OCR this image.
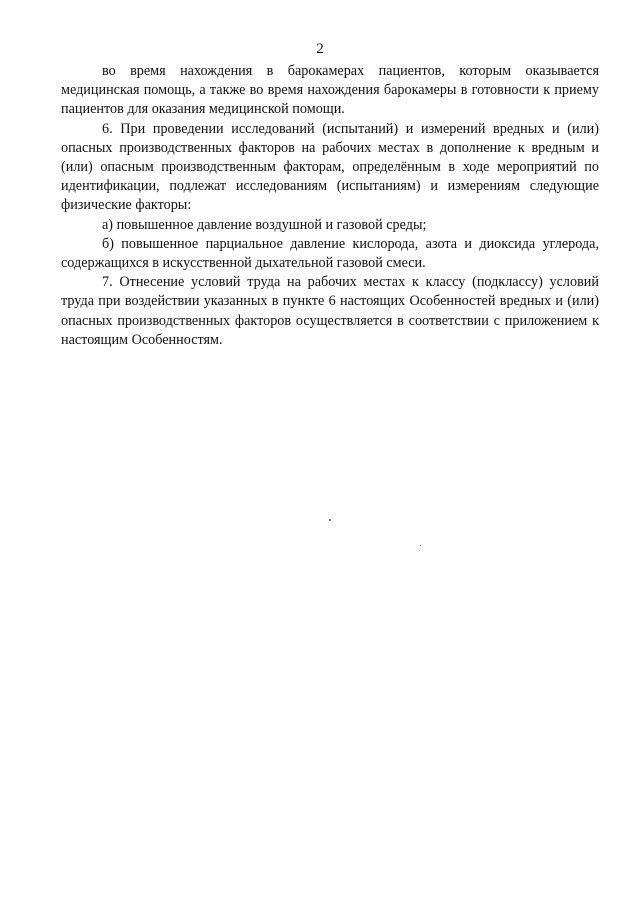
2

во время нахождения в барокамерах пациентов, которым оказывается медицинская помощь, а также во время нахождения барокамеры в готовности к приему пациентов для оказания медицинской помощи.

6. При проведении исследований (испытаний) и измерений вредных и (или) опасных производственных факторов на рабочих местах в дополнение к вредным и (или) опасным производственным факторам, определённым в ходе мероприятий по идентификации, подлежат исследованиям (испытаниям) и измерениям следующие физические факторы:

а) повышенное давление воздушной и газовой среды;

б) повышенное парциальное давление кислорода, азота и диоксида углерода, содержащихся в искусственной дыхательной газовой смеси.

7. Отнесение условий труда на рабочих местах к классу (подклассу) условий труда при воздействии указанных в пункте 6 настоящих Особенностей вредных и (или) опасных производственных факторов осуществляется в соответствии с приложением к настоящим Особенностям.
